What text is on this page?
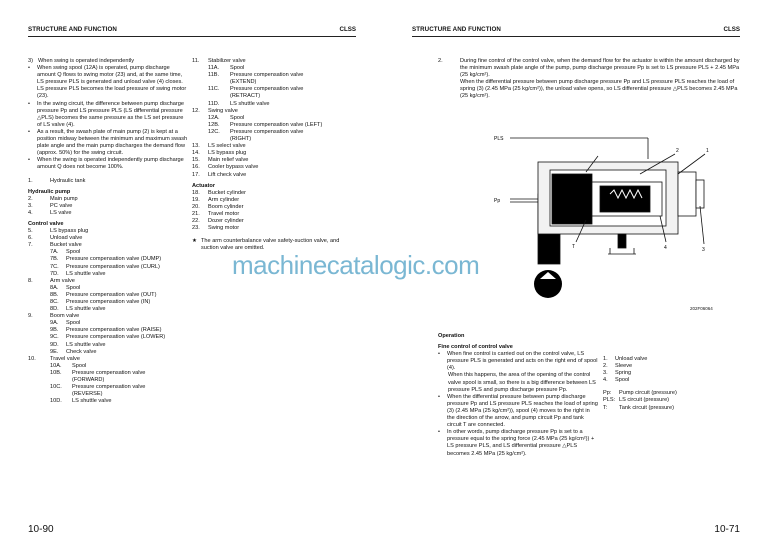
STRUCTURE AND FUNCTION	CLSS
3) When swing is operated independently
•	When swing spool (12A) is operated, pump discharge amount Q flows to swing motor (23) and, at the same time, LS pressure PLS is generated and unload valve (4) closes. LS pressure PLS becomes the load pressure of swing motor (23).
•	In the swing circuit, the difference between pump discharge pressure Pp and LS pressure PLS (LS differential pressure △PLS) becomes the same pressure as the LS set pressure of LS valve (4).
•	As a result, the swash plate of main pump (2) is kept at a position midway between the minimum and maximum swash plate angle and the main pump discharges the demand flow (approx. 50%) for the swing circuit.
•	When the swing is operated independently pump discharge amount Q does not become 100%.
1.	Hydraulic tank
Hydraulic pump
2.	Main pump
3.	PC valve
4.	LS valve
Control valve
5.	LS bypass plug
6.	Unload valve
7.	Bucket valve
7A.	Spool
7B.	Pressure compensation valve (DUMP)
7C.	Pressure compensation valve (CURL)
7D.	LS shuttle valve
8.	Arm valve
8A.	Spool
8B.	Pressure compensation valve (OUT)
8C.	Pressure compensation valve (IN)
8D.	LS shuttle valve
9.	Boom valve
9A.	Spool
9B.	Pressure compensation valve (RAISE)
9C.	Pressure compensation valve (LOWER)
9D.	LS shuttle valve
9E.	Check valve
10.	Travel valve
10A.	Spool
10B.	Pressure compensation valve
(FORWARD)
10C.	Pressure compensation valve
(REVERSE)
10D.	LS shuttle valve
11.	Stabilizer valve
11A.	Spool
11B.	Pressure compensation valve
(EXTEND)
11C.	Pressure compensation valve
(RETRACT)
11D.	LS shuttle valve
12.	Swing valve
12A.	Spool
12B.	Pressure compensation valve (LEFT)
12C.	Pressure compensation valve
(RIGHT)
13.	LS select valve
14.	LS bypass plug
15.	Main relief valve
16.	Cooler bypass valve
17.	Lift check valve
Actuator
18.	Bucket cylinder
19.	Arm cylinder
20.	Boom cylinder
21.	Travel motor
22.	Dozer cylinder
23.	Swing motor
★ The arm counterbalance valve safety-suction valve, and suction valve are omitted.
10-90
machinecatalogic.com
STRUCTURE AND FUNCTION	CLSS
2.	During fine control of the control valve, when the demand flow for the actuator is within the amount discharged by the minimum swash plate angle of the pump, pump discharge pressure Pp is set to LS pressure PLS + 2.45 MPa (25 kg/cm²).
When the differential pressure between pump discharge pressure Pp and LS pressure PLS reaches the load of spring (3) (2.45 MPa (25 kg/cm²)), the unload valve opens, so LS differential pressure △PLS becomes 2.45 MPa (25 kg/cm²).
Operation
Fine control of control valve
•	When fine control is carried out on the control valve, LS pressure PLS is generated and acts on the right end of spool (4).
When this happens, the area of the opening of the control valve spool is small, so there is a big difference between LS pressure PLS and pump discharge pressure Pp.
•	When the differential pressure between pump discharge pressure Pp and LS pressure PLS reaches the load of spring (3) (2.45 MPa (25 kg/cm²)), spool (4) moves to the right in the direction of the arrow, and pump circuit Pp and tank circuit T are connected.
•	In other words, pump discharge pressure Pp is set to a pressure equal to the spring force (2.45 MPa (25 kg/cm²)) + LS pressure PLS, and LS differential pressure △PLS becomes 2.45 MPa (25 kg/cm²).
10-71
PLS
Pp
2	1
4	3
T
202F06064
1.	Unload valve
2.	Sleeve
3.	Spring
4.	Spool
Pp:	Pump circuit (pressure)
PLS: LS circuit (pressure)
T:	Tank circuit (pressure)
